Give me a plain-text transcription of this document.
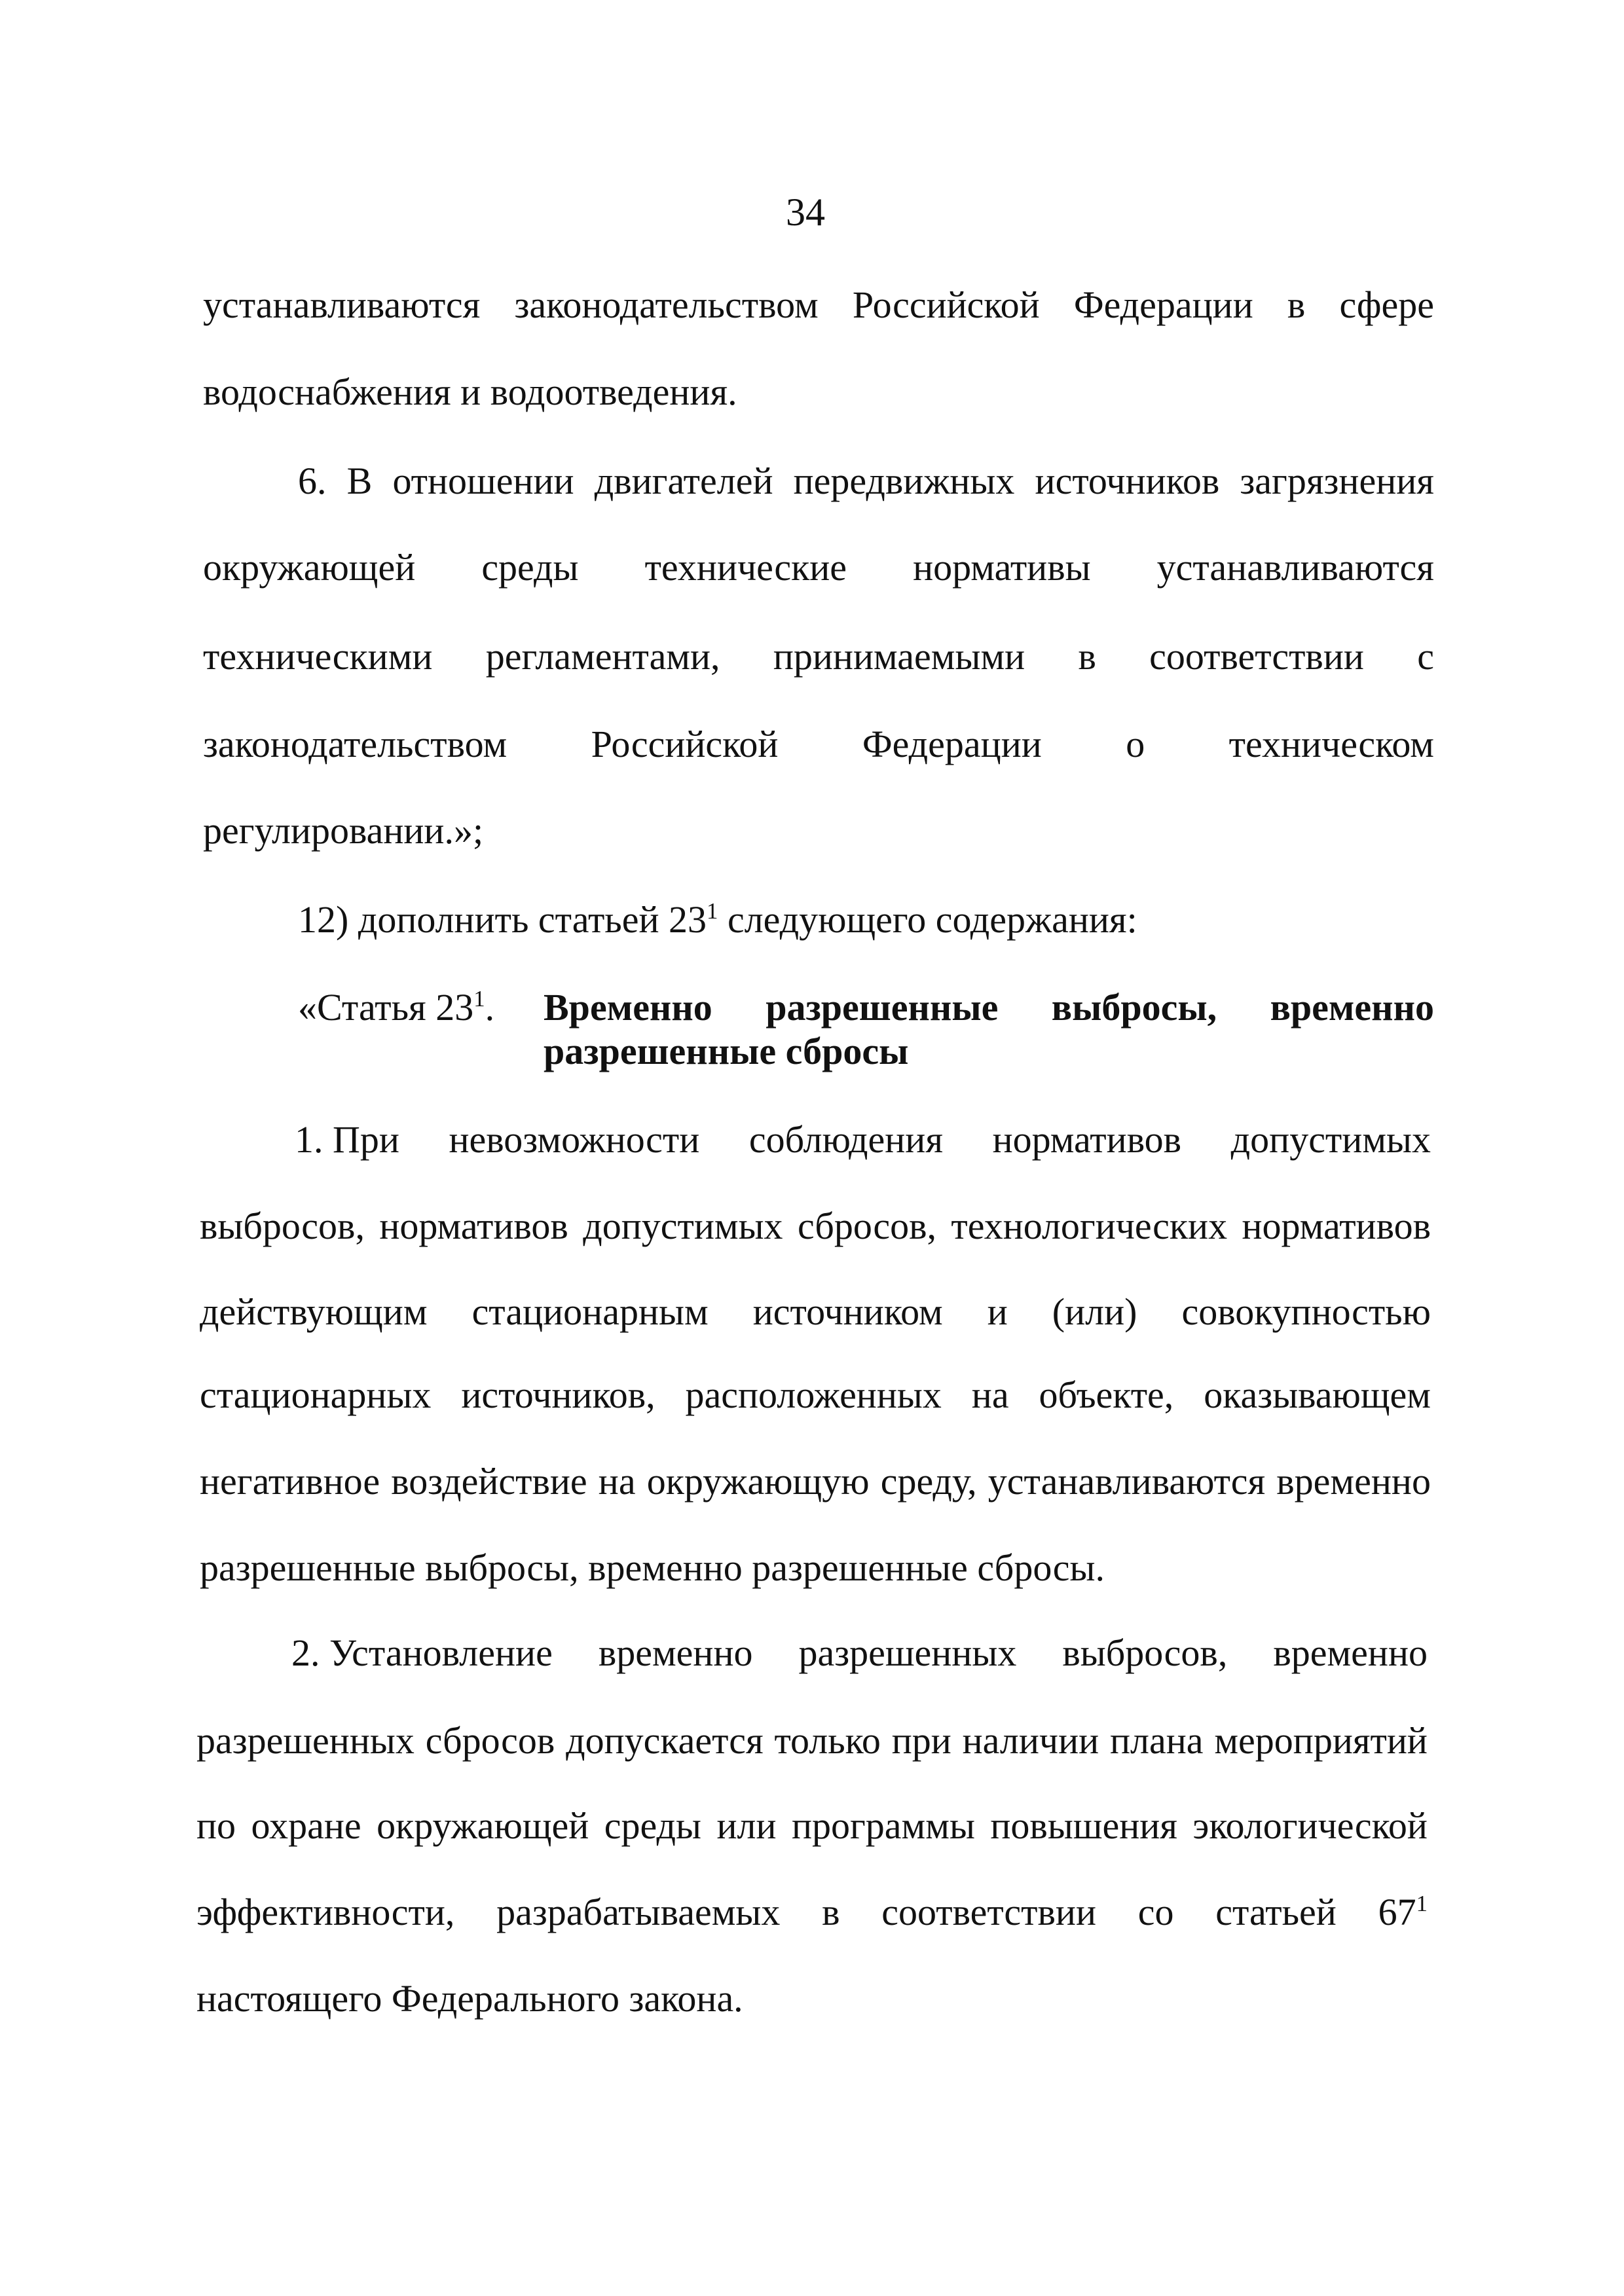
34
устанавливаются законодательством Российской Федерации в сфере
водоснабжения и водоотведения.
6. В отношении двигателей передвижных источников загрязнения
окружающей среды технические нормативы устанавливаются
техническими регламентами, принимаемыми в соответствии с
законодательством Российской Федерации о техническом
регулировании.»;
12) дополнить статьей $23^1$ следующего содержания:
«Статья $23^1$. Временно разрешенные выбросы, временно
разрешенные сбросы
1. При невозможности соблюдения нормативов допустимых
выбросов, нормативов допустимых сбросов, технологических нормативов
действующим стационарным источником и (или) совокупностью
стационарных источников, расположенных на объекте, оказывающем
негативное воздействие на окружающую среду, устанавливаются временно
разрешенные выбросы, временно разрешенные сбросы.
2. Установление временно разрешенных выбросов, временно
разрешенных сбросов допускается только при наличии плана мероприятий
по охране окружающей среды или программы повышения экологической
эффективности, разрабатываемых в соответствии со статьей $67^1$
настоящего Федерального закона.
